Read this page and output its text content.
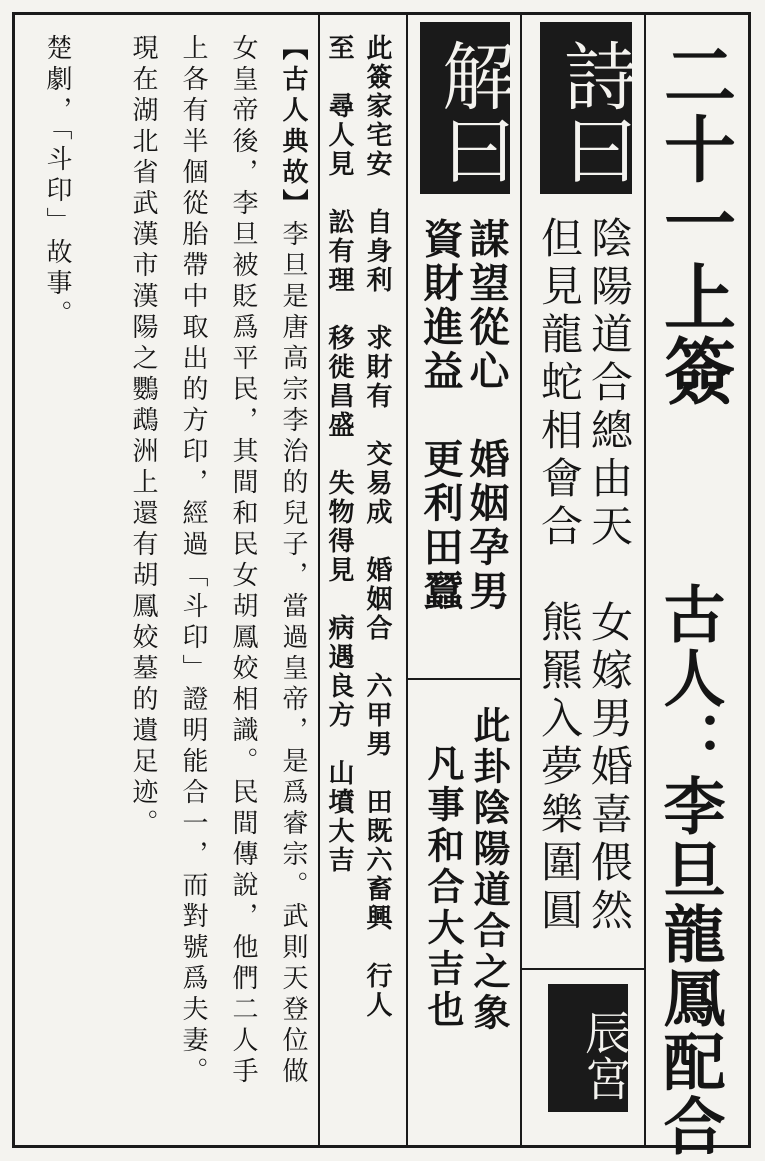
二十一上簽
古人：李旦龍鳳配合
詩曰
陰陽道合總由天　女嫁男婚喜偎然
但見龍蛇相會合　熊羆入夢樂圍圓
辰宮
解曰
謀望從心　婚姻孕男
資財進益　更利田蠶
此卦陰陽道合之象
凡事和合大吉也
此簽家宅安　自身利　求財有　交易成　婚姻合　六甲男　田既六畜興　行人
至　尋人見　訟有理　移徙昌盛　失物得見　病遇良方　山墳大吉
【古人典故】李旦是唐高宗李治的兒子，當過皇帝，是爲睿宗。武則天登位做
女皇帝後，李旦被貶爲平民，其間和民女胡鳳姣相識。民間傳說，他們二人手
上各有半個從胎帶中取出的方印，經過「斗印」證明能合一，而對號爲夫妻。
現在湖北省武漢市漢陽之鸚鵡洲上還有胡鳳姣墓的遺足迹。
楚劇，「斗印」故事。
